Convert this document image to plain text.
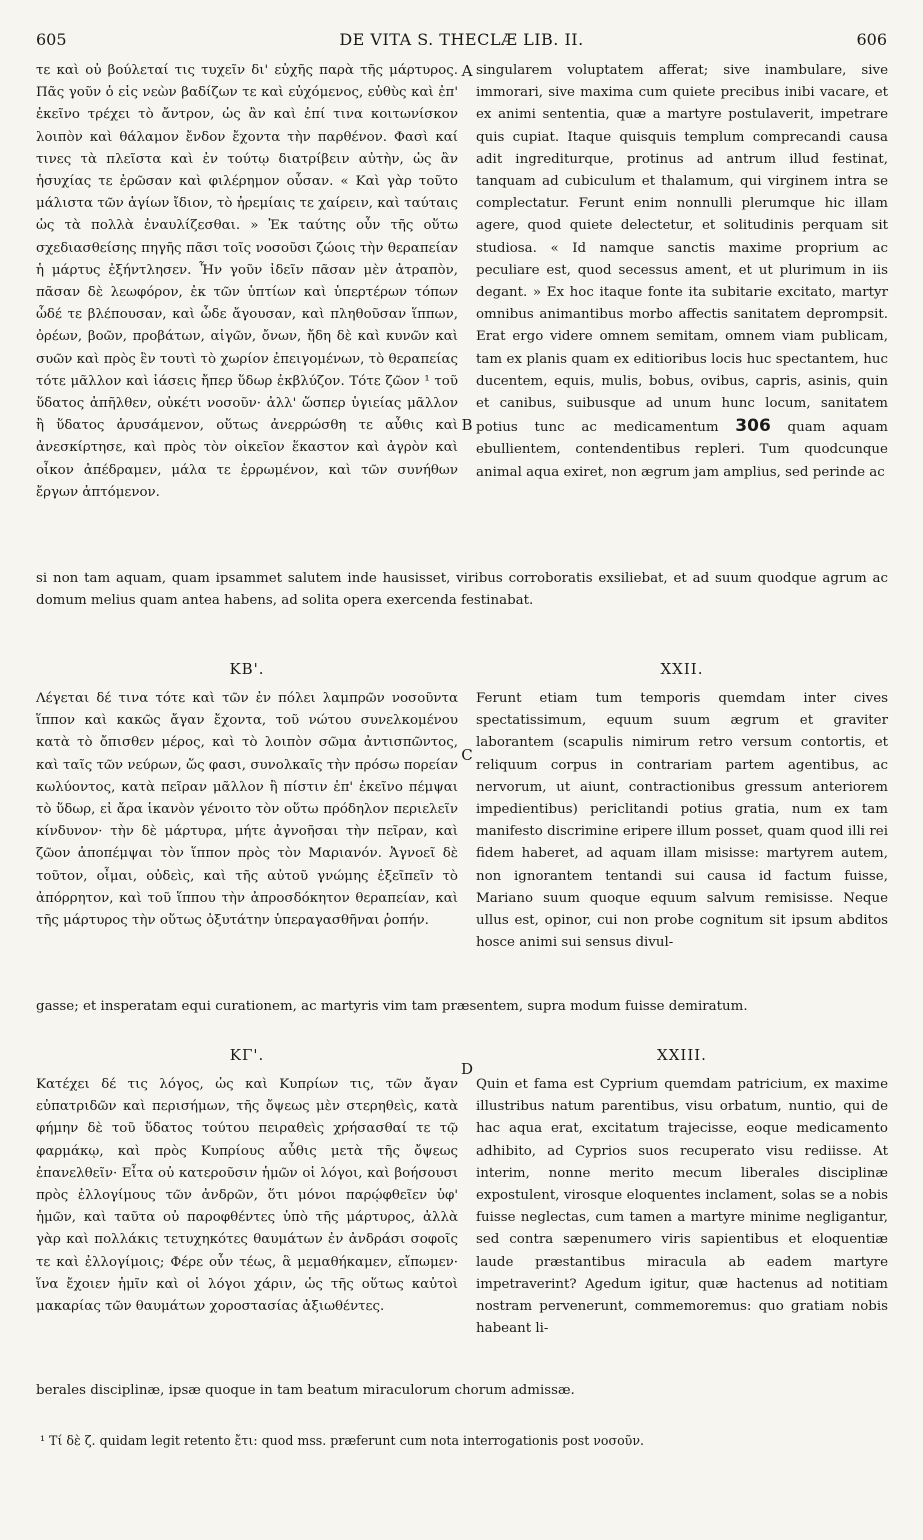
605	DE VITA S. THECLÆ LIB. II.	606

τε καὶ οὐ βούλεταί τις τυχεῖν δι' εὐχῆς παρὰ τῆς μάρτυρος. Πᾶς γοῦν ὁ εἰς νεὼν βαδίζων τε καὶ εὐχόμενος, εὐθὺς καὶ ἐπ' ἐκεῖνο τρέχει τὸ ἄντρον, ὡς ἂν καὶ ἐπί τινα κοιτωνίσκον λοιπὸν καὶ θάλαμον ἔνδον ἔχοντα τὴν παρθένον. Φασὶ καί τινες τὰ πλεῖστα καὶ ἐν τούτῳ διατρίβειν αὐτὴν, ὡς ἂν ἡσυχίας τε ἐρῶσαν καὶ φιλέρημον οὖσαν. « Καὶ γὰρ τοῦτο μάλιστα τῶν ἁγίων ἴδιον, τὸ ἠρεμίαις τε χαίρειν, καὶ ταύταις ὡς τὰ πολλὰ ἐναυλίζεσθαι. » Ἐκ ταύτης οὖν τῆς οὕτω σχεδιασθείσης πηγῆς πᾶσι τοῖς νοσοῦσι ζώοις τὴν θεραπείαν ἡ μάρτυς ἐξήντλησεν. Ἦν γοῦν ἰδεῖν πᾶσαν μὲν ἀτραπὸν, πᾶσαν δὲ λεωφόρον, ἐκ τῶν ὑπτίων καὶ ὑπερτέρων τόπων ὧδέ τε βλέπουσαν, καὶ ὧδε ἄγουσαν, καὶ πληθοῦσαν ἵππων, ὀρέων, βοῶν, προβάτων, αἰγῶν, ὄνων, ἤδη δὲ καὶ κυνῶν καὶ συῶν καὶ πρὸς ἓν τουτὶ τὸ χωρίον ἐπειγομένων, τὸ θεραπείας τότε μᾶλλον καὶ ἰάσεις ἤπερ ὕδωρ ἐκβλύζον. Τότε ζῶον ¹ τοῦ ὕδατος ἀπῆλθεν, οὐκέτι νοσοῦν· ἀλλ' ὥσπερ ὑγιείας μᾶλλον ἢ ὕδατος ἀρυσάμενον, οὕτως ἀνερρώσθη τε αὖθις καὶ ἀνεσκίρτησε, καὶ πρὸς τὸν οἰκεῖον ἕκαστον καὶ ἀγρὸν καὶ οἶκον ἀπέδραμεν, μάλα τε ἐρρωμένον, καὶ τῶν συνήθων ἔργων ἁπτόμενον.

singularem voluptatem afferat; sive inambulare, sive immorari, sive maxima cum quiete precibus inibi vacare, et ex animi sententia, quæ a martyre postulaverit, impetrare quis cupiat. Itaque quisquis templum comprecandi causa adit ingrediturque, protinus ad antrum illud festinat, tanquam ad cubiculum et thalamum, qui virginem intra se complectatur. Ferunt enim nonnulli plerumque hic illam agere, quod quiete delectetur, et solitudinis perquam sit studiosa. « Id namque sanctis maxime proprium ac peculiare est, quod secessus ament, et ut plurimum in iis degant. » Ex hoc itaque fonte ita subitarie excitato, martyr omnibus animantibus morbo affectis sanitatem deprompsit. Erat ergo videre omnem semitam, omnem viam publicam, tam ex planis quam ex editioribus locis huc spectantem, huc ducentem, equis, mulis, bobus, ovibus, capris, asinis, quin et canibus, suibusque ad unum hunc locum, sanitatem potius tunc ac medicamentum 306 quam aquam ebullientem, contendentibus repleri. Tum quodcunque animal aqua exiret, non ægrum jam amplius, sed perinde ac

si non tam aquam, quam ipsammet salutem inde hausisset, viribus corroboratis exsiliebat, et ad suum quodque agrum ac domum melius quam antea habens, ad solita opera exercenda festinabat.

A
B
ΚΒ'.	XXII.

Λέγεται δέ τινα τότε καὶ τῶν ἐν πόλει λαμπρῶν νοσοῦντα ἵππον καὶ κακῶς ἄγαν ἔχοντα, τοῦ νώτου συνελκομένου κατὰ τὸ ὄπισθεν μέρος, καὶ τὸ λοιπὸν σῶμα ἀντισπῶντος, καὶ ταῖς τῶν νεύρων, ὥς φασι, συνολκαῖς τὴν πρόσω πορείαν κωλύοντος, κατὰ πεῖραν μᾶλλον ἢ πίστιν ἐπ' ἐκεῖνο πέμψαι τὸ ὕδωρ, εἰ ἄρα ἱκανὸν γένοιτο τὸν οὕτω πρόδηλον περιελεῖν κίνδυνον· τὴν δὲ μάρτυρα, μήτε ἀγνοῆσαι τὴν πεῖραν, καὶ ζῶον ἀποπέμψαι τὸν ἵππον πρὸς τὸν Μαριανόν. Ἀγνοεῖ δὲ τοῦτον, οἶμαι, οὐδεὶς, καὶ τῆς αὐτοῦ γνώμης ἐξεῖπεῖν τὸ ἀπόρρητον, καὶ τοῦ ἵππου τὴν ἀπροσδόκητον θεραπείαν, καὶ τῆς μάρτυρος τὴν οὕτως ὀξυτάτην ὑπεραγασθῆναι ῥοπήν.

Ferunt etiam tum temporis quemdam inter cives spectatissimum, equum suum ægrum et graviter laborantem (scapulis nimirum retro versum contortis, et reliquum corpus in contrariam partem agentibus, ac nervorum, ut aiunt, contractionibus gressum anteriorem impedientibus) periclitandi potius gratia, num ex tam manifesto discrimine eripere illum posset, quam quod illi rei fidem haberet, ad aquam illam misisse: martyrem autem, non ignorantem tentandi sui causa id factum fuisse, Mariano suum quoque equum salvum remisisse. Neque ullus est, opinor, cui non probe cognitum sit ipsum abditos hosce animi sui sensus divul-

C

gasse; et insperatam equi curationem, ac martyris vim tam præsentem, supra modum fuisse demiratum.

ΚΓ'.	XXIII.
D

Κατέχει δέ τις λόγος, ὡς καὶ Κυπρίων τις, τῶν ἄγαν εὐπατριδῶν καὶ περισήμων, τῆς ὄψεως μὲν στερηθεὶς, κατὰ φήμην δὲ τοῦ ὕδατος τούτου πειραθεὶς χρήσασθαί τε τῷ φαρμάκῳ, καὶ πρὸς Κυπρίους αὖθις μετὰ τῆς ὄψεως ἐπανελθεῖν· Εἶτα οὐ κατεροῦσιν ἡμῶν οἱ λόγοι, καὶ βοήσουσι πρὸς ἐλλογίμους τῶν ἀνδρῶν, ὅτι μόνοι παρῴφθεῖεν ὑφ' ἡμῶν, καὶ ταῦτα οὐ παροφθέντες ὑπὸ τῆς μάρτυρος, ἀλλὰ γὰρ καὶ πολλάκις τετυχηκότες θαυμάτων ἐν ἀνδράσι σοφοῖς τε καὶ ἐλλογίμοις; Φέρε οὖν τέως, ἃ μεμαθήκαμεν, εἴπωμεν· ἵνα ἔχοιεν ἡμῖν καὶ οἱ λόγοι χάριν, ὡς τῆς οὕτως καὐτοὶ μακαρίας τῶν θαυμάτων χοροστασίας ἀξιωθέντες.

Quin et fama est Cyprium quemdam patricium, ex maxime illustribus natum parentibus, visu orbatum, nuntio, qui de hac aqua erat, excitatum trajecisse, eoque medicamento adhibito, ad Cyprios suos recuperato visu rediisse. At interim, nonne merito mecum liberales disciplinæ expostulent, virosque eloquentes inclament, solas se a nobis fuisse neglectas, cum tamen a martyre minime negligantur, sed contra sæpenumero viris sapientibus et eloquentiæ laude præstantibus miracula ab eadem martyre impetraverint? Agedum igitur, quæ hactenus ad notitiam nostram pervenerunt, commemoremus: quo gratiam nobis habeant li-

berales disciplinæ, ipsæ quoque in tam beatum miraculorum chorum admissæ.

¹ Τί δὲ ζ. quidam legit retento ἔτι: quod mss. præferunt cum nota interrogationis post νοσοῦν.
